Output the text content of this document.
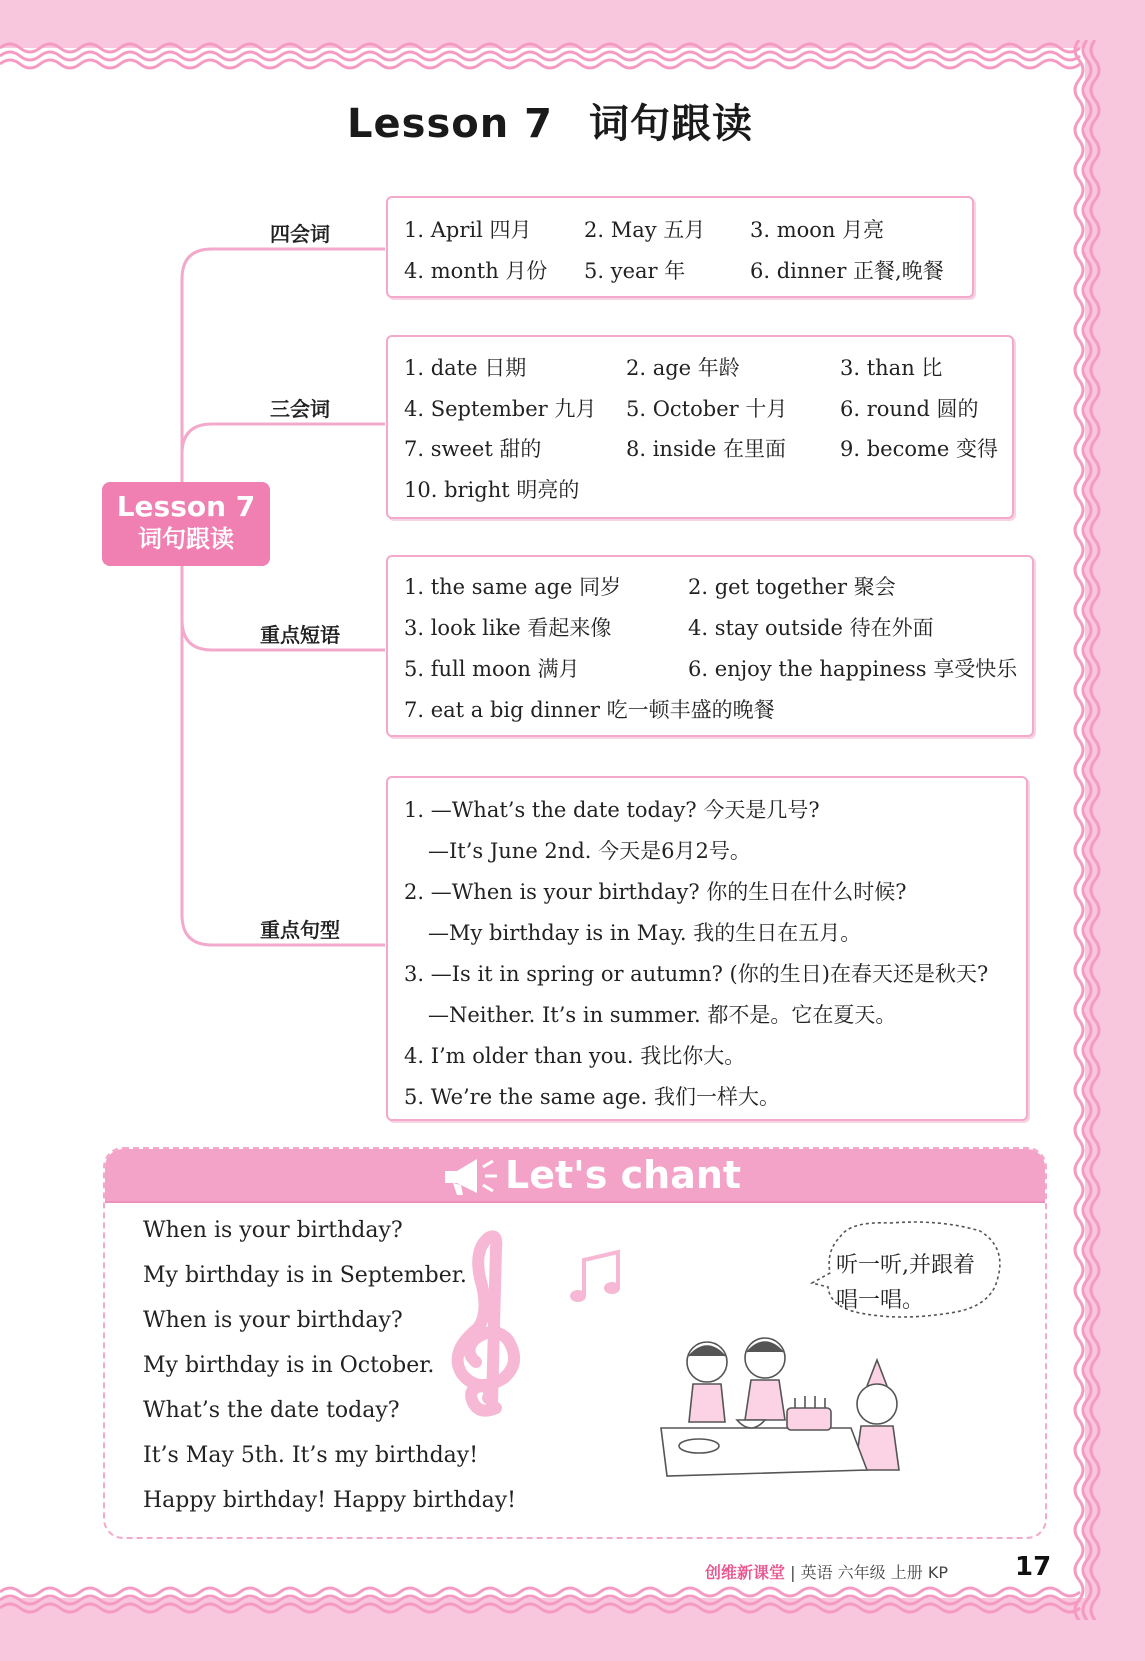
Lesson 7 词句跟读
Lesson 7
词句跟读
四会词
三会词
重点短语
重点句型
1. April 四月	2. May 五月 3. moon 月亮
4. month 月份 5. year 年	6. dinner 正餐,晚餐
1. date 日期	2. age 年龄	3. than 比
4. September 九月 5. October 十月	6. round 圆的
7. sweet 甜的	8. inside 在里面	9. become 变得
10. bright 明亮的
1. the same age 同岁	2. get together 聚会
3. look like 看起来像	4. stay outside 待在外面
5. full moon 满月	6. enjoy the happiness 享受快乐
7. eat a big dinner 吃一顿丰盛的晚餐
1. —What’s the date today? 今天是几号?
—It’s June 2nd. 今天是6月2号。
2. —When is your birthday? 你的生日在什么时候?
—My birthday is in May. 我的生日在五月。
3. —Is it in spring or autumn? (你的生日)在春天还是秋天?
—Neither. It’s in summer. 都不是。它在夏天。
4. I’m older than you. 我比你大。
5. We’re the same age. 我们一样大。
Let's chant
When is your birthday?
My birthday is in September.
When is your birthday?
My birthday is in October.
What’s the date today?
It’s May 5th. It’s my birthday!
Happy birthday! Happy birthday!
听一听,并跟着
唱一唱。
创维新课堂 | 英语 六年级 上册 KP	17
